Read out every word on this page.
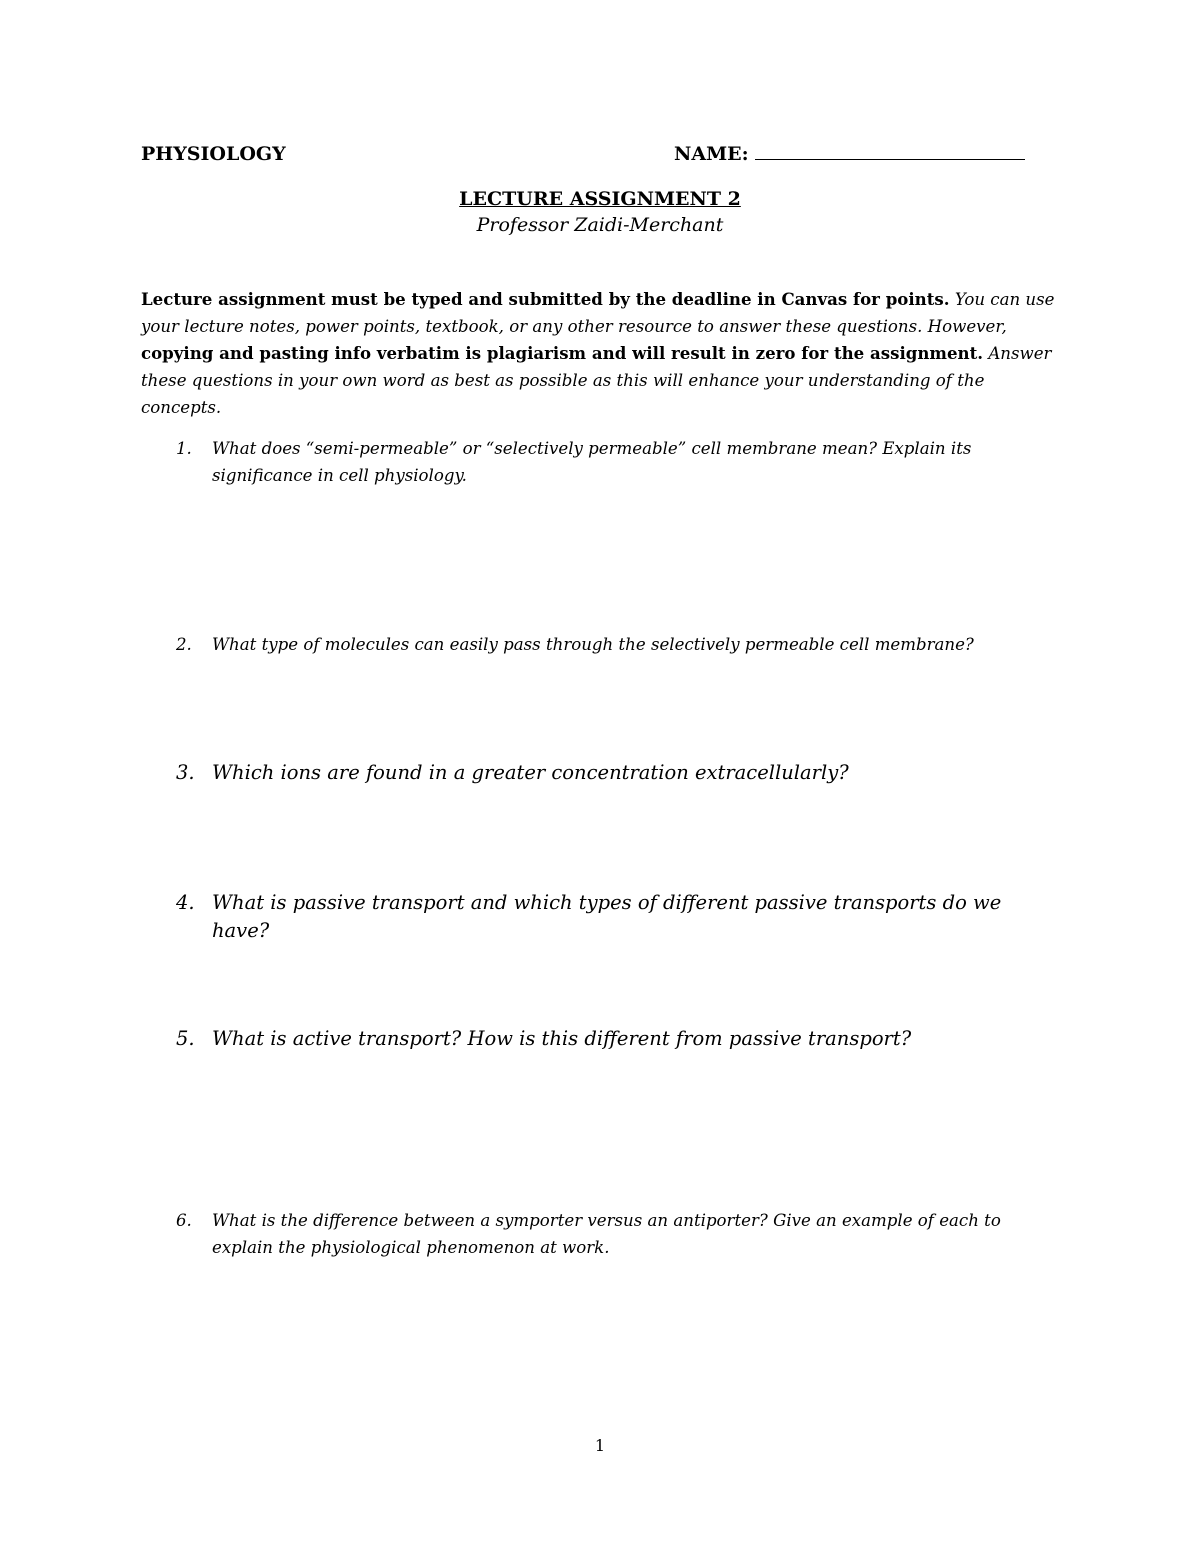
PHYSIOLOGY	NAME:
LECTURE ASSIGNMENT 2
Professor Zaidi-Merchant
Lecture assignment must be typed and submitted by the deadline in Canvas for points. You can use your lecture notes, power points, textbook, or any other resource to answer these questions. However, copying and pasting info verbatim is plagiarism and will result in zero for the assignment. Answer these questions in your own word as best as possible as this will enhance your understanding of the concepts.
1.	What does “semi-permeable” or “selectively permeable” cell membrane mean? Explain its significance in cell physiology.
2.	What type of molecules can easily pass through the selectively permeable cell membrane?
3. Which ions are found in a greater concentration extracellularly?
4. What is passive transport and which types of different passive transports do we have?
5. What is active transport? How is this different from passive transport?
6.	What is the difference between a symporter versus an antiporter? Give an example of each to explain the physiological phenomenon at work.
1
